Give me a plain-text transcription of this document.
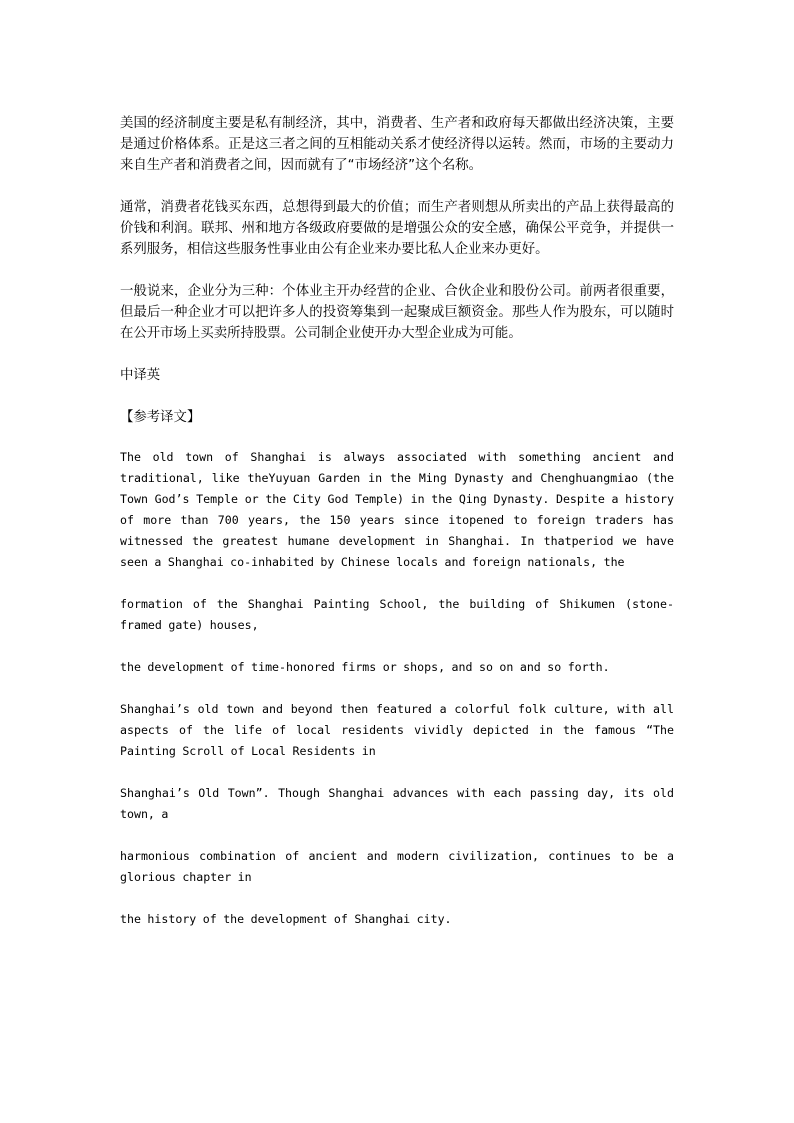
美国的经济制度主要是私有制经济，其中，消费者、生产者和政府每天都做出经济决策，主要是通过价格体系。正是这三者之间的互相能动关系才使经济得以运转。然而，市场的主要动力来自生产者和消费者之间，因而就有了“市场经济”这个名称。

通常，消费者花钱买东西，总想得到最大的价值；而生产者则想从所卖出的产品上获得最高的价钱和利润。联邦、州和地方各级政府要做的是增强公众的安全感，确保公平竞争，并提供一系列服务，相信这些服务性事业由公有企业来办要比私人企业来办更好。

一般说来，企业分为三种：个体业主开办经营的企业、合伙企业和股份公司。前两者很重要，但最后一种企业才可以把许多人的投资筹集到一起聚成巨额资金。那些人作为股东，可以随时在公开市场上买卖所持股票。公司制企业使开办大型企业成为可能。

中译英

【参考译文】

The old town of Shanghai is always associated with something ancient and traditional, like theYuyuan Garden in the Ming Dynasty and Chenghuangmiao (the Town God’s Temple or the City God Temple) in the Qing Dynasty. Despite a history of more than 700 years, the 150 years since itopened to foreign traders has witnessed the greatest humane development in Shanghai. In thatperiod we have seen a Shanghai co-inhabited by Chinese locals and foreign nationals, the

formation of the Shanghai Painting School, the building of Shikumen (stone-framed gate) houses,

the development of time-honored firms or shops, and so on and so forth.

Shanghai’s old town and beyond then featured a colorful folk culture, with all aspects of the life of local residents vividly depicted in the famous “The Painting Scroll of Local Residents in

Shanghai’s Old Town”. Though Shanghai advances with each passing day, its old town, a

harmonious combination of ancient and modern civilization, continues to be a glorious chapter in

the history of the development of Shanghai city.
